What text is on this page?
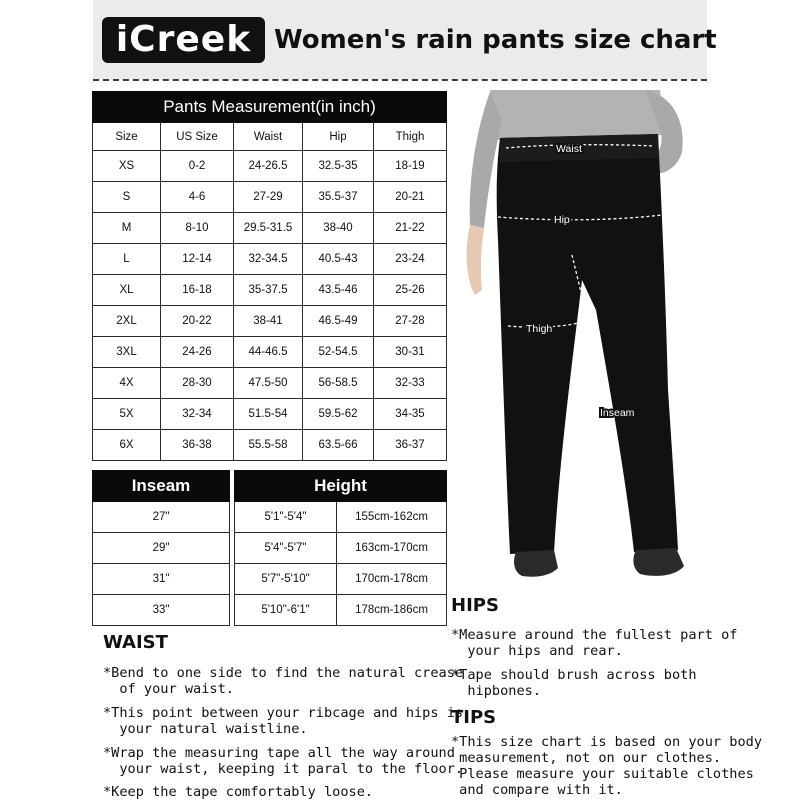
iCreek Women's rain pants size chart
Pants Measurement(in inch)				
Size	US Size	Waist	Hip	Thigh
XS	0-2	24-26.5	32.5-35	18-19
S	4-6	27-29	35.5-37	20-21
M	8-10	29.5-31.5	38-40	21-22
L	12-14	32-34.5	40.5-43	23-24
XL	16-18	35-37.5	43.5-46	25-26
2XL	20-22	38-41	46.5-49	27-28
3XL	24-26	44-46.5	52-54.5	30-31
4X	28-30	47.5-50	56-58.5	32-33
5X	32-34	51.5-54	59.5-62	34-35
6X	36-38	55.5-58	63.5-66	36-37
Inseam
27"
29"
31"
33"
Height	
5'1"-5'4"	155cm-162cm
5'4"-5'7"	163cm-170cm
5'7"-5'10"	170cm-178cm
5'10"-6'1"	178cm-186cm
Waist
Hip
Thigh
Inseam
HIPS
*Measure around the fullest part of
your hips and rear.
*Tape should brush across both
hipbones.
TIPS
*This size chart is based on your body
measurement, not on our clothes.
Please measure your suitable clothes
and compare with it.
WAIST
*Bend to one side to find the natural crease
of your waist.
*This point between your ribcage and hips is
your natural waistline.
*Wrap the measuring tape all the way around
your waist, keeping it paral to the floor.
*Keep the tape comfortably loose.
